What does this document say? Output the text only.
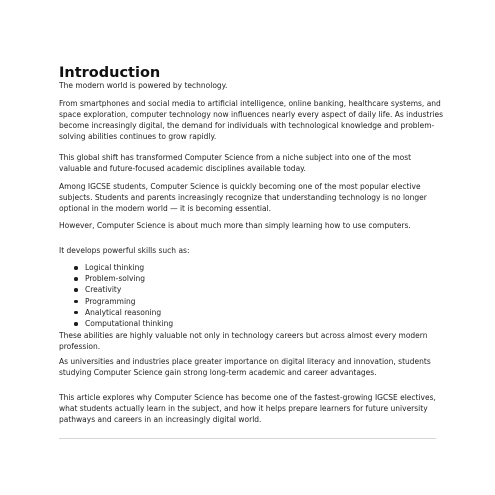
Introduction

The modern world is powered by technology.

From smartphones and social media to artificial intelligence, online banking, healthcare systems, and space exploration, computer technology now influences nearly every aspect of daily life. As industries become increasingly digital, the demand for individuals with technological knowledge and problem-solving abilities continues to grow rapidly.

This global shift has transformed Computer Science from a niche subject into one of the most valuable and future-focused academic disciplines available today.

Among IGCSE students, Computer Science is quickly becoming one of the most popular elective subjects. Students and parents increasingly recognize that understanding technology is no longer optional in the modern world — it is becoming essential.

However, Computer Science is about much more than simply learning how to use computers.

It develops powerful skills such as:

Logical thinking
Problem-solving
Creativity
Programming
Analytical reasoning
Computational thinking

These abilities are highly valuable not only in technology careers but across almost every modern profession.

As universities and industries place greater importance on digital literacy and innovation, students studying Computer Science gain strong long-term academic and career advantages.

This article explores why Computer Science has become one of the fastest-growing IGCSE electives, what students actually learn in the subject, and how it helps prepare learners for future university pathways and careers in an increasingly digital world.
